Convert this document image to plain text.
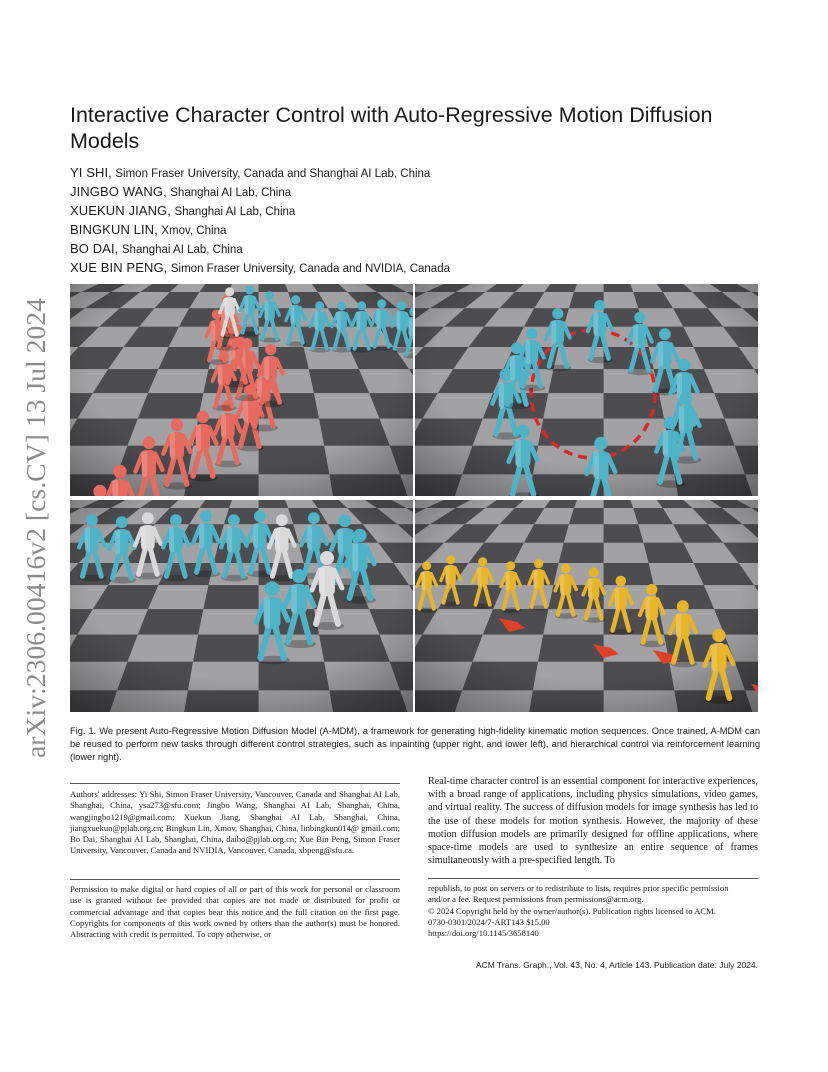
arXiv:2306.00416v2 [cs.CV] 13 Jul 2024
Interactive Character Control with Auto-Regressive Motion Diffusion Models
YI SHI, Simon Fraser University, Canada and Shanghai AI Lab, China
JINGBO WANG, Shanghai AI Lab, China
XUEKUN JIANG, Shanghai AI Lab, China
BINGKUN LIN, Xmov, China
BO DAI, Shanghai AI Lab, China
XUE BIN PENG, Simon Fraser University, Canada and NVIDIA, Canada

Fig. 1. We present Auto-Regressive Motion Diffusion Model (A-MDM), a framework for generating high-fidelity kinematic motion sequences. Once trained, A-MDM can be reused to perform new tasks through different control strategies, such as inpainting (upper right, and lower left), and hierarchical control via reinforcement learning (lower right).

Authors' addresses: Yi Shi, Simon Fraser University, Vancouver, Canada and Shanghai AI Lab, Shanghai, China, ysa273@sfu.com; Jingbo Wang, Shanghai AI Lab, Shanghai, China, wangjingbo1219@gmail.com; Xuekun Jiang, Shanghai AI Lab, Shanghai, China, jiangxuekun@pjlab.org.cn; Bingkun Lin, Xmov, Shanghai, China, linbingkun014@ gmail.com; Bo Dai, Shanghai AI Lab, Shanghai, China, daibo@pjlab.org.cn; Xue Bin Peng, Simon Fraser University, Vancouver, Canada and NVIDIA, Vancouver, Canada, xbpeng@sfu.ca.

Permission to make digital or hard copies of all or part of this work for personal or classroom use is granted without fee provided that copies are not made or distributed for profit or commercial advantage and that copies bear this notice and the full citation on the first page. Copyrights for components of this work owned by others than the author(s) must be honored. Abstracting with credit is permitted. To copy otherwise, or

Real-time character control is an essential component for interactive experiences, with a broad range of applications, including physics simulations, video games, and virtual reality. The success of diffusion models for image synthesis has led to the use of these models for motion synthesis. However, the majority of these motion diffusion models are primarily designed for offline applications, where space-time models are used to synthesize an entire sequence of frames simultaneously with a pre-specified length. To

republish, to post on servers or to redistribute to lists, requires prior specific permission
and/or a fee. Request permissions from permissions@acm.org.
© 2024 Copyright held by the owner/author(s). Publication rights licensed to ACM.
0730-0301/2024/7-ART143 $15.00
https://doi.org/10.1145/3658140
ACM Trans. Graph., Vol. 43, No. 4, Article 143. Publication date: July 2024.
